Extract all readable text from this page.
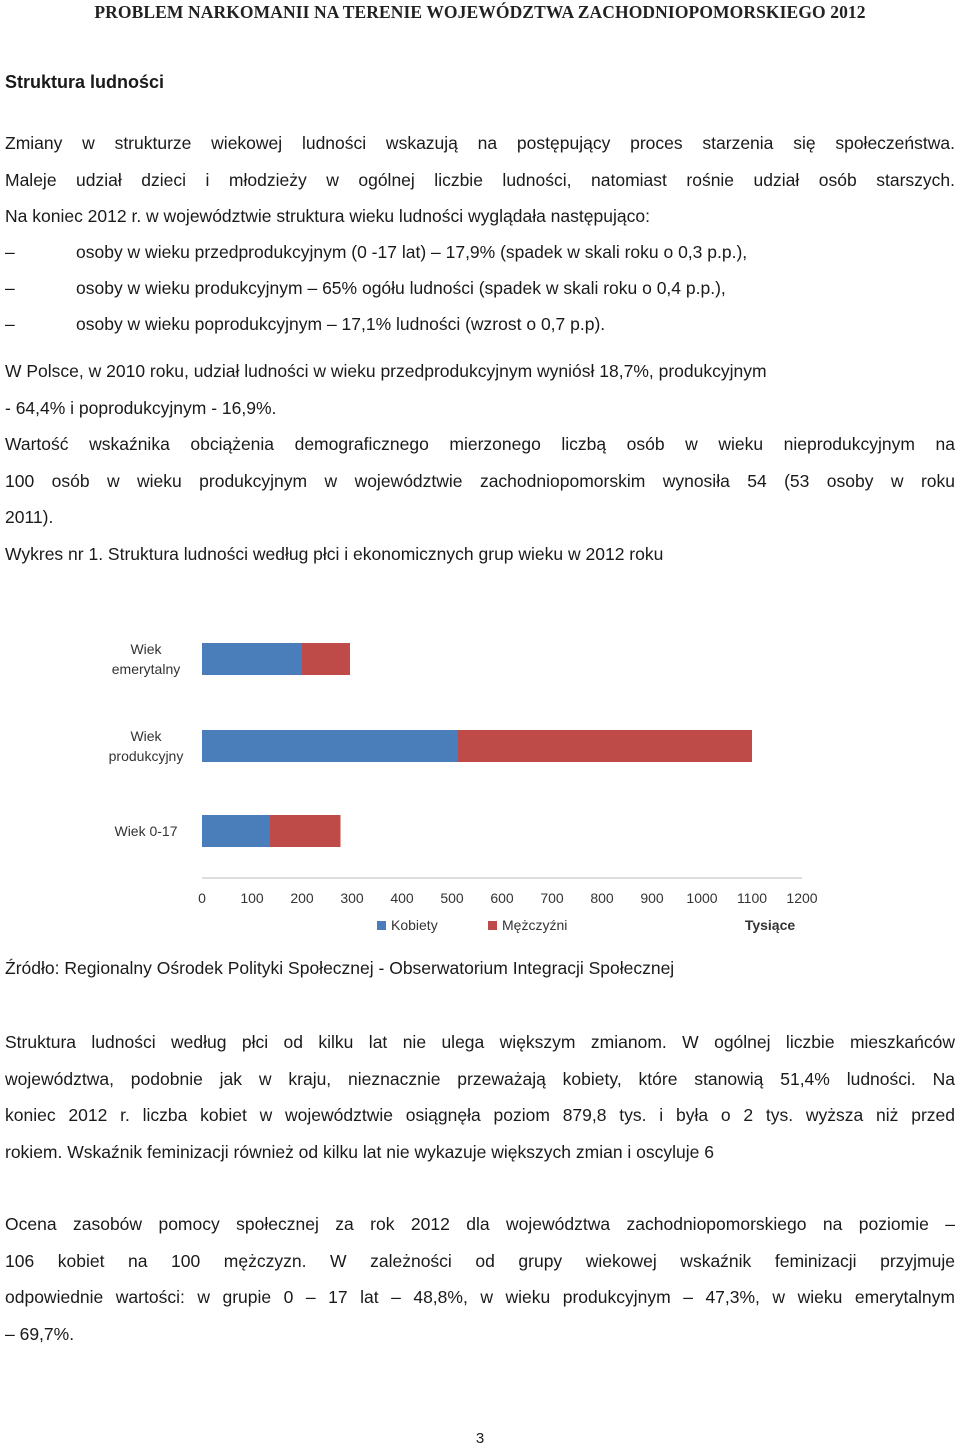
PROBLEM NARKOMANII NA TERENIE WOJEWÓDZTWA ZACHODNIOPOMORSKIEGO 2012
Struktura ludności
Zmiany w strukturze wiekowej ludności wskazują na postępujący proces starzenia się społeczeństwa.
Maleje udział dzieci i młodzieży w ogólnej liczbie ludności, natomiast rośnie udział osób starszych.
Na koniec 2012 r. w województwie struktura wieku ludności wyglądała następująco:
–	osoby w wieku przedprodukcyjnym (0 -17 lat) – 17,9% (spadek w skali roku o 0,3 p.p.),
–	osoby w wieku produkcyjnym – 65% ogółu ludności (spadek w skali roku o 0,4 p.p.),
–	osoby w wieku poprodukcyjnym – 17,1% ludności (wzrost o 0,7 p.p).
W Polsce, w 2010 roku, udział ludności w wieku przedprodukcyjnym wyniósł 18,7%, produkcyjnym
- 64,4% i poprodukcyjnym - 16,9%.
Wartość wskaźnika obciążenia demograficznego mierzonego liczbą osób w wieku nieprodukcyjnym na
100 osób w wieku produkcyjnym w województwie zachodniopomorskim wynosiła 54 (53 osoby w roku
2011).
Wykres nr 1. Struktura ludności według płci i ekonomicznych grup wieku w 2012 roku
Wiek emerytalny
Wiek produkcyjny
Wiek 0-17
0 100 200 300 400 500 600 700 800 900 1000 1100 1200
Tysiące
Kobiety	Mężczyźni
Źródło: Regionalny Ośrodek Polityki Społecznej - Obserwatorium Integracji Społecznej
Struktura ludności według płci od kilku lat nie ulega większym zmianom. W ogólnej liczbie mieszkańców
województwa, podobnie jak w kraju, nieznacznie przeważają kobiety, które stanowią 51,4% ludności. Na
koniec 2012 r. liczba kobiet w województwie osiągnęła poziom 879,8 tys. i była o 2 tys. wyższa niż przed
rokiem. Wskaźnik feminizacji również od kilku lat nie wykazuje większych zmian i oscyluje 6
Ocena zasobów pomocy społecznej za rok 2012 dla województwa zachodniopomorskiego na poziomie –
106 kobiet na 100 mężczyzn. W zależności od grupy wiekowej wskaźnik feminizacji przyjmuje
odpowiednie wartości: w grupie 0 – 17 lat – 48,8%, w wieku produkcyjnym – 47,3%, w wieku emerytalnym
– 69,7%.
3
